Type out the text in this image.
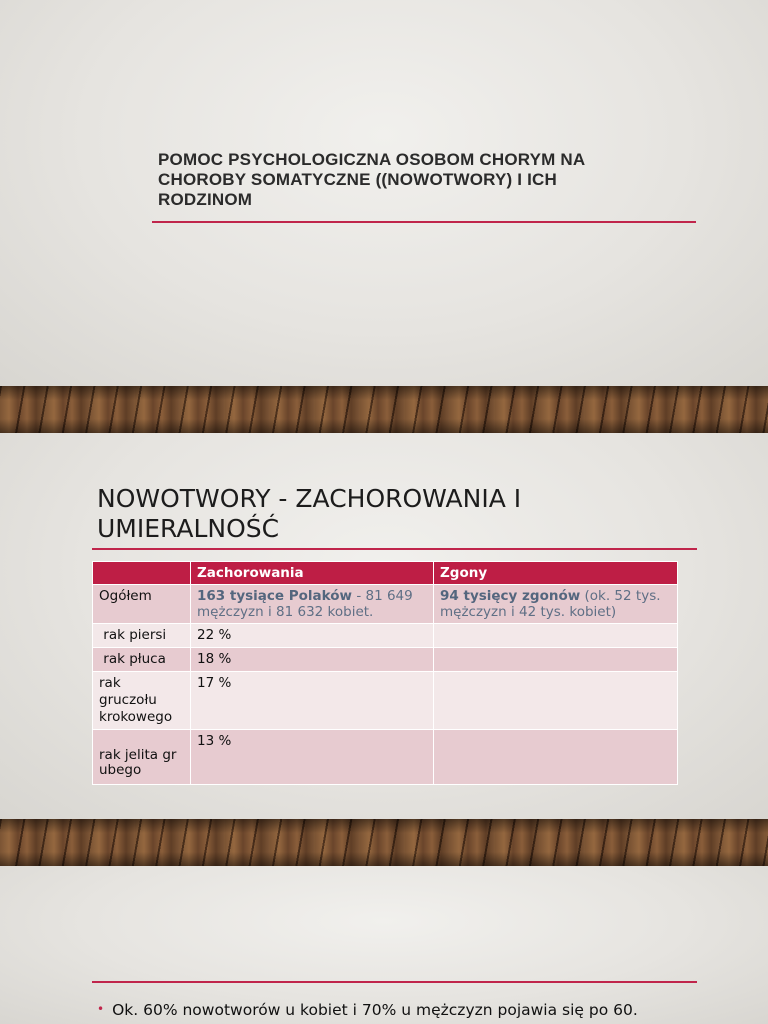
POMOC PSYCHOLOGICZNA OSOBOM CHORYM NA
CHOROBY SOMATYCZNE ((NOWOTWORY) I ICH
RODZINOM
NOWOTWORY - ZACHOROWANIA I
UMIERALNOŚĆ
	Zachorowania	Zgony
Ogółem	163 tysiące Polaków - 81 649 mężczyzn i 81 632 kobiet.	94 tysięcy zgonów (ok. 52 tys. mężczyzn i 42 tys. kobiet)
rak piersi	22 %	
rak płuca	18 %	
rak
gruczołu
krokowego	17 %	

rak jelita gr
ubego	13 %	
• Ok. 60% nowotworów u kobiet i 70% u mężczyzn pojawia się po 60.
